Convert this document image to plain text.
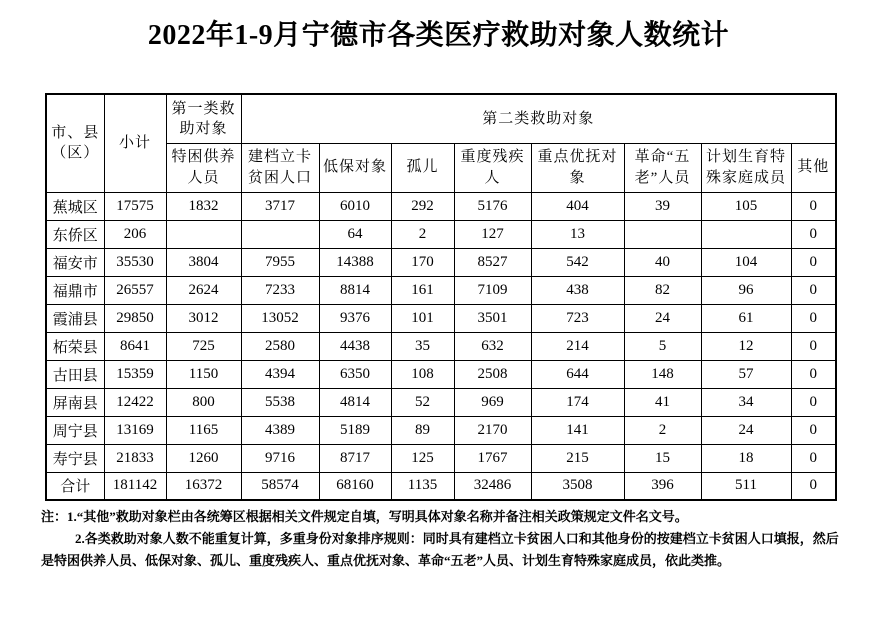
2022年1-9月宁德市各类医疗救助对象人数统计
市、县（区）	小计	第一类救助对象	第二类救助对象							
		特困供养人员	建档立卡贫困人口	低保对象	孤儿	重度残疾人	重点优抚对象	革命“五老”人员	计划生育特殊家庭成员	其他
蕉城区	17575	1832	3717	6010	292	5176	404	39	105	0
东侨区	206			64	2	127	13			0
福安市	35530	3804	7955	14388	170	8527	542	40	104	0
福鼎市	26557	2624	7233	8814	161	7109	438	82	96	0
霞浦县	29850	3012	13052	9376	101	3501	723	24	61	0
柘荣县	8641	725	2580	4438	35	632	214	5	12	0
古田县	15359	1150	4394	6350	108	2508	644	148	57	0
屏南县	12422	800	5538	4814	52	969	174	41	34	0
周宁县	13169	1165	4389	5189	89	2170	141	2	24	0
寿宁县	21833	1260	9716	8717	125	1767	215	15	18	0
合计	181142	16372	58574	68160	1135	32486	3508	396	511	0
注：1.“其他”救助对象栏由各统筹区根据相关文件规定自填，写明具体对象名称并备注相关政策规定文件名文号。
2.各类救助对象人数不能重复计算，多重身份对象排序规则：同时具有建档立卡贫困人口和其他身份的按建档立卡贫困人口填报，然后是特困供养人员、低保对象、孤儿、重度残疾人、重点优抚对象、革命“五老”人员、计划生育特殊家庭成员，依此类推。
